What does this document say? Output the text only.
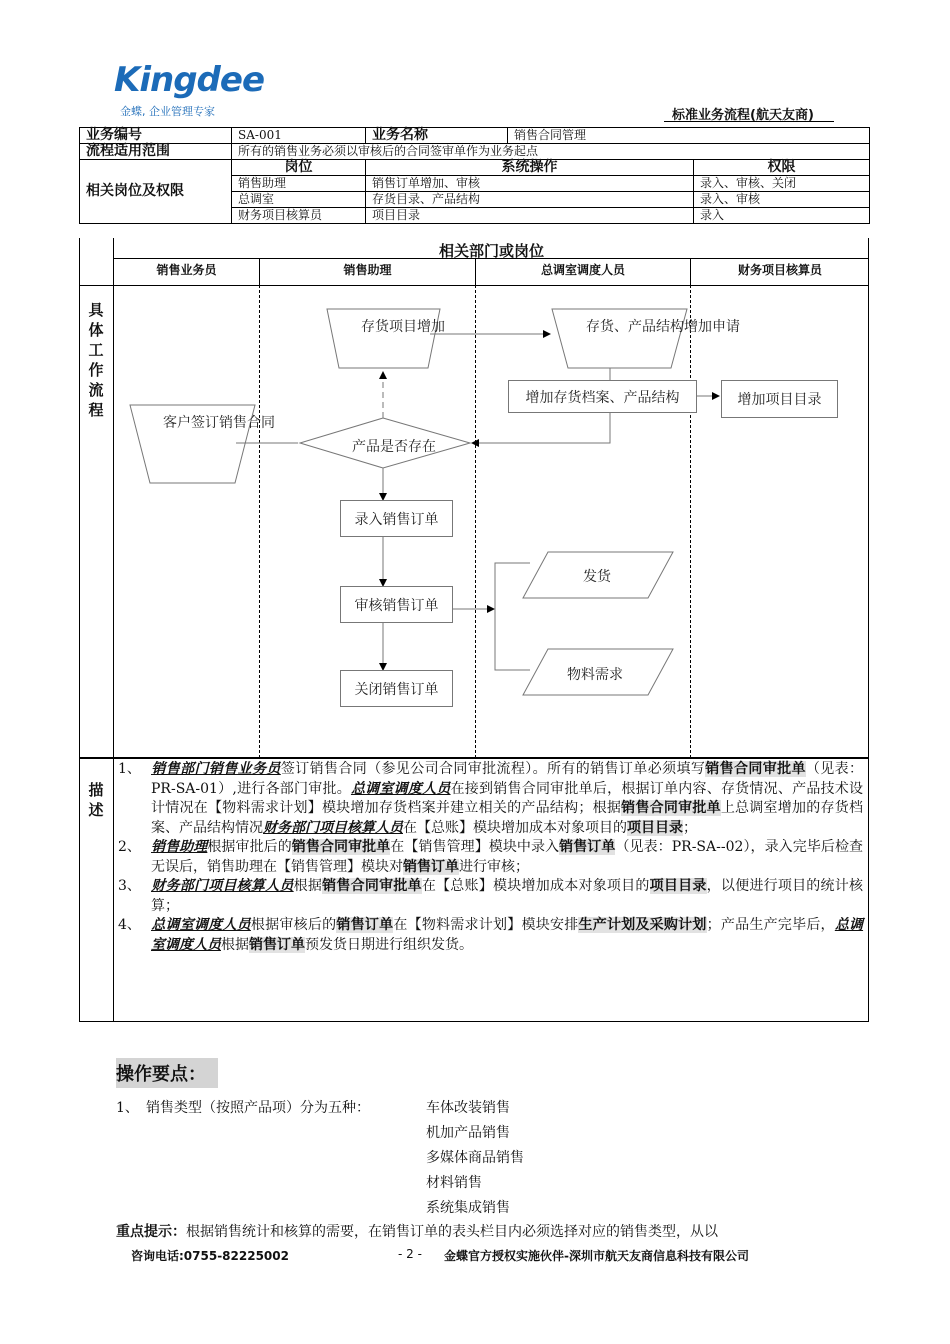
Kingdee
金蝶, 企业管理专家	标准业务流程(航天友商)
业务编号	SA-001	业务名称	销售合同管理	
流程适用范围	所有的销售业务必须以审核后的合同签审单作为业务起点			
相关岗位及权限	岗位	系统操作		权限
	销售助理	销售订单增加、审核		录入、审核、关闭
	总调室	存货目录、产品结构		录入、审核
	财务项目核算员	项目目录		录入
相关部门或岗位
销售业务员	销售助理	总调室调度人员	财务项目核算员
具
体
工
作
流
程
增加存货档案、产品结构	增加项目目录
录入销售订单
审核销售订单
关闭销售订单
客户签订销售合同
存货项目增加	存货、产品结构增加申请
产品是否存在
发货
物料需求
描
述

1、 销售部门销售业务员签订销售合同（参见公司合同审批流程）。所有的销售订单必须填写销售合同审批单（见表：PR-SA-01）,进行各部门审批。总调室调度人员在接到销售合同审批单后，根据订单内容、存货情况、产品技术设计情况在【物料需求计划】模块增加存货档案并建立相关的产品结构；根据销售合同审批单上总调室增加的存货档案、产品结构情况财务部门项目核算人员在【总账】模块增加成本对象项目的项目目录；

2、 销售助理根据审批后的销售合同审批单在【销售管理】模块中录入销售订单（见表：PR-SA--02），录入完毕后检查无误后，销售助理在【销售管理】模块对销售订单进行审核；

3、 财务部门项目核算人员根据销售合同审批单在【总账】模块增加成本对象项目的项目目录，以便进行项目的统计核算；

4、 总调室调度人员根据审核后的销售订单在【物料需求计划】模块安排生产计划及采购计划；产品生产完毕后，总调室调度人员根据销售订单预发货日期进行组织发货。

操作要点：
1、 销售类型（按照产品项）分为五种：	车体改装销售
机加产品销售
多媒体商品销售
材料销售
系统集成销售
重点提示：根据销售统计和核算的需要，在销售订单的表头栏目内必须选择对应的销售类型，从以
咨询电话:0755-82225002	- 2 - 金蝶官方授权实施伙伴-深圳市航天友商信息科技有限公司
